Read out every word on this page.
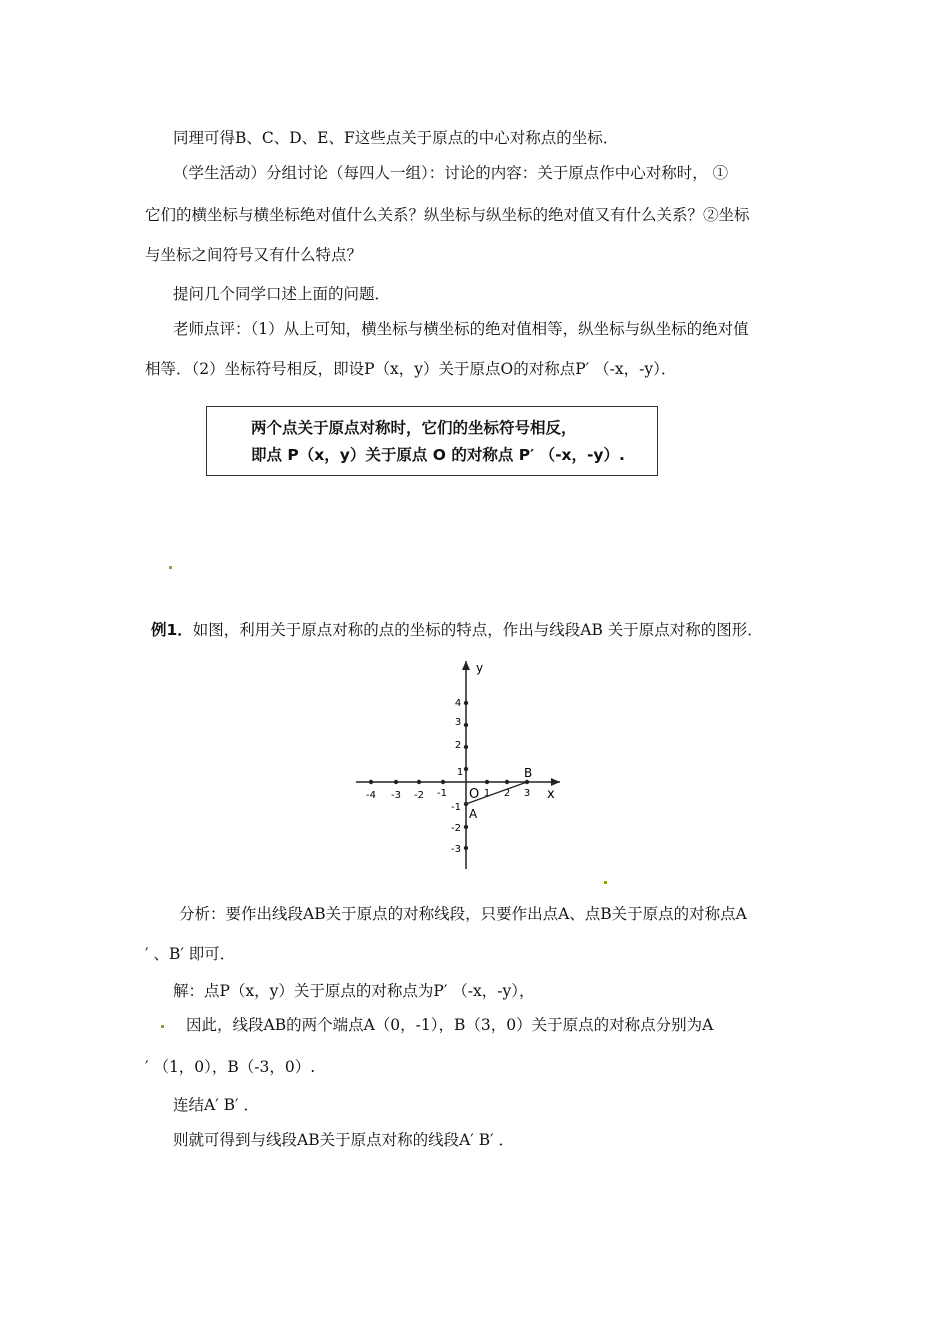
同理可得B、C、D、E、F这些点关于原点的中心对称点的坐标．
（学生活动）分组讨论（每四人一组）：讨论的内容：关于原点作中心对称时， ①
它们的横坐标与横坐标绝对值什么关系？纵坐标与纵坐标的绝对值又有什么关系？②坐标
与坐标之间符号又有什么特点？
提问几个同学口述上面的问题．
老师点评：（1）从上可知，横坐标与横坐标的绝对值相等，纵坐标与纵坐标的绝对值
相等．（2）坐标符号相反，即设P（x，y）关于原点O的对称点P′ （-x，-y）．
两个点关于原点对称时，它们的坐标符号相反，
即点 P（x，y）关于原点 O 的对称点 P′ （-x，-y）.
例1．如图，利用关于原点对称的点的坐标的特点，作出与线段AB 关于原点对称的图形．
-4 -3 -2 -1	1 2 3
4
3
2
1
-1
-2
-3
y
x
O
A
B
分析：要作出线段AB关于原点的对称线段，只要作出点A、点B关于原点的对称点A
′ 、B′ 即可．
解：点P（x，y）关于原点的对称点为P′ （-x，-y），
因此，线段AB的两个端点A（0，-1），B（3，0）关于原点的对称点分别为A
′ （1，0），B（-3，0）.
连结A′ B′ ．
则就可得到与线段AB关于原点对称的线段A′ B′ ．
